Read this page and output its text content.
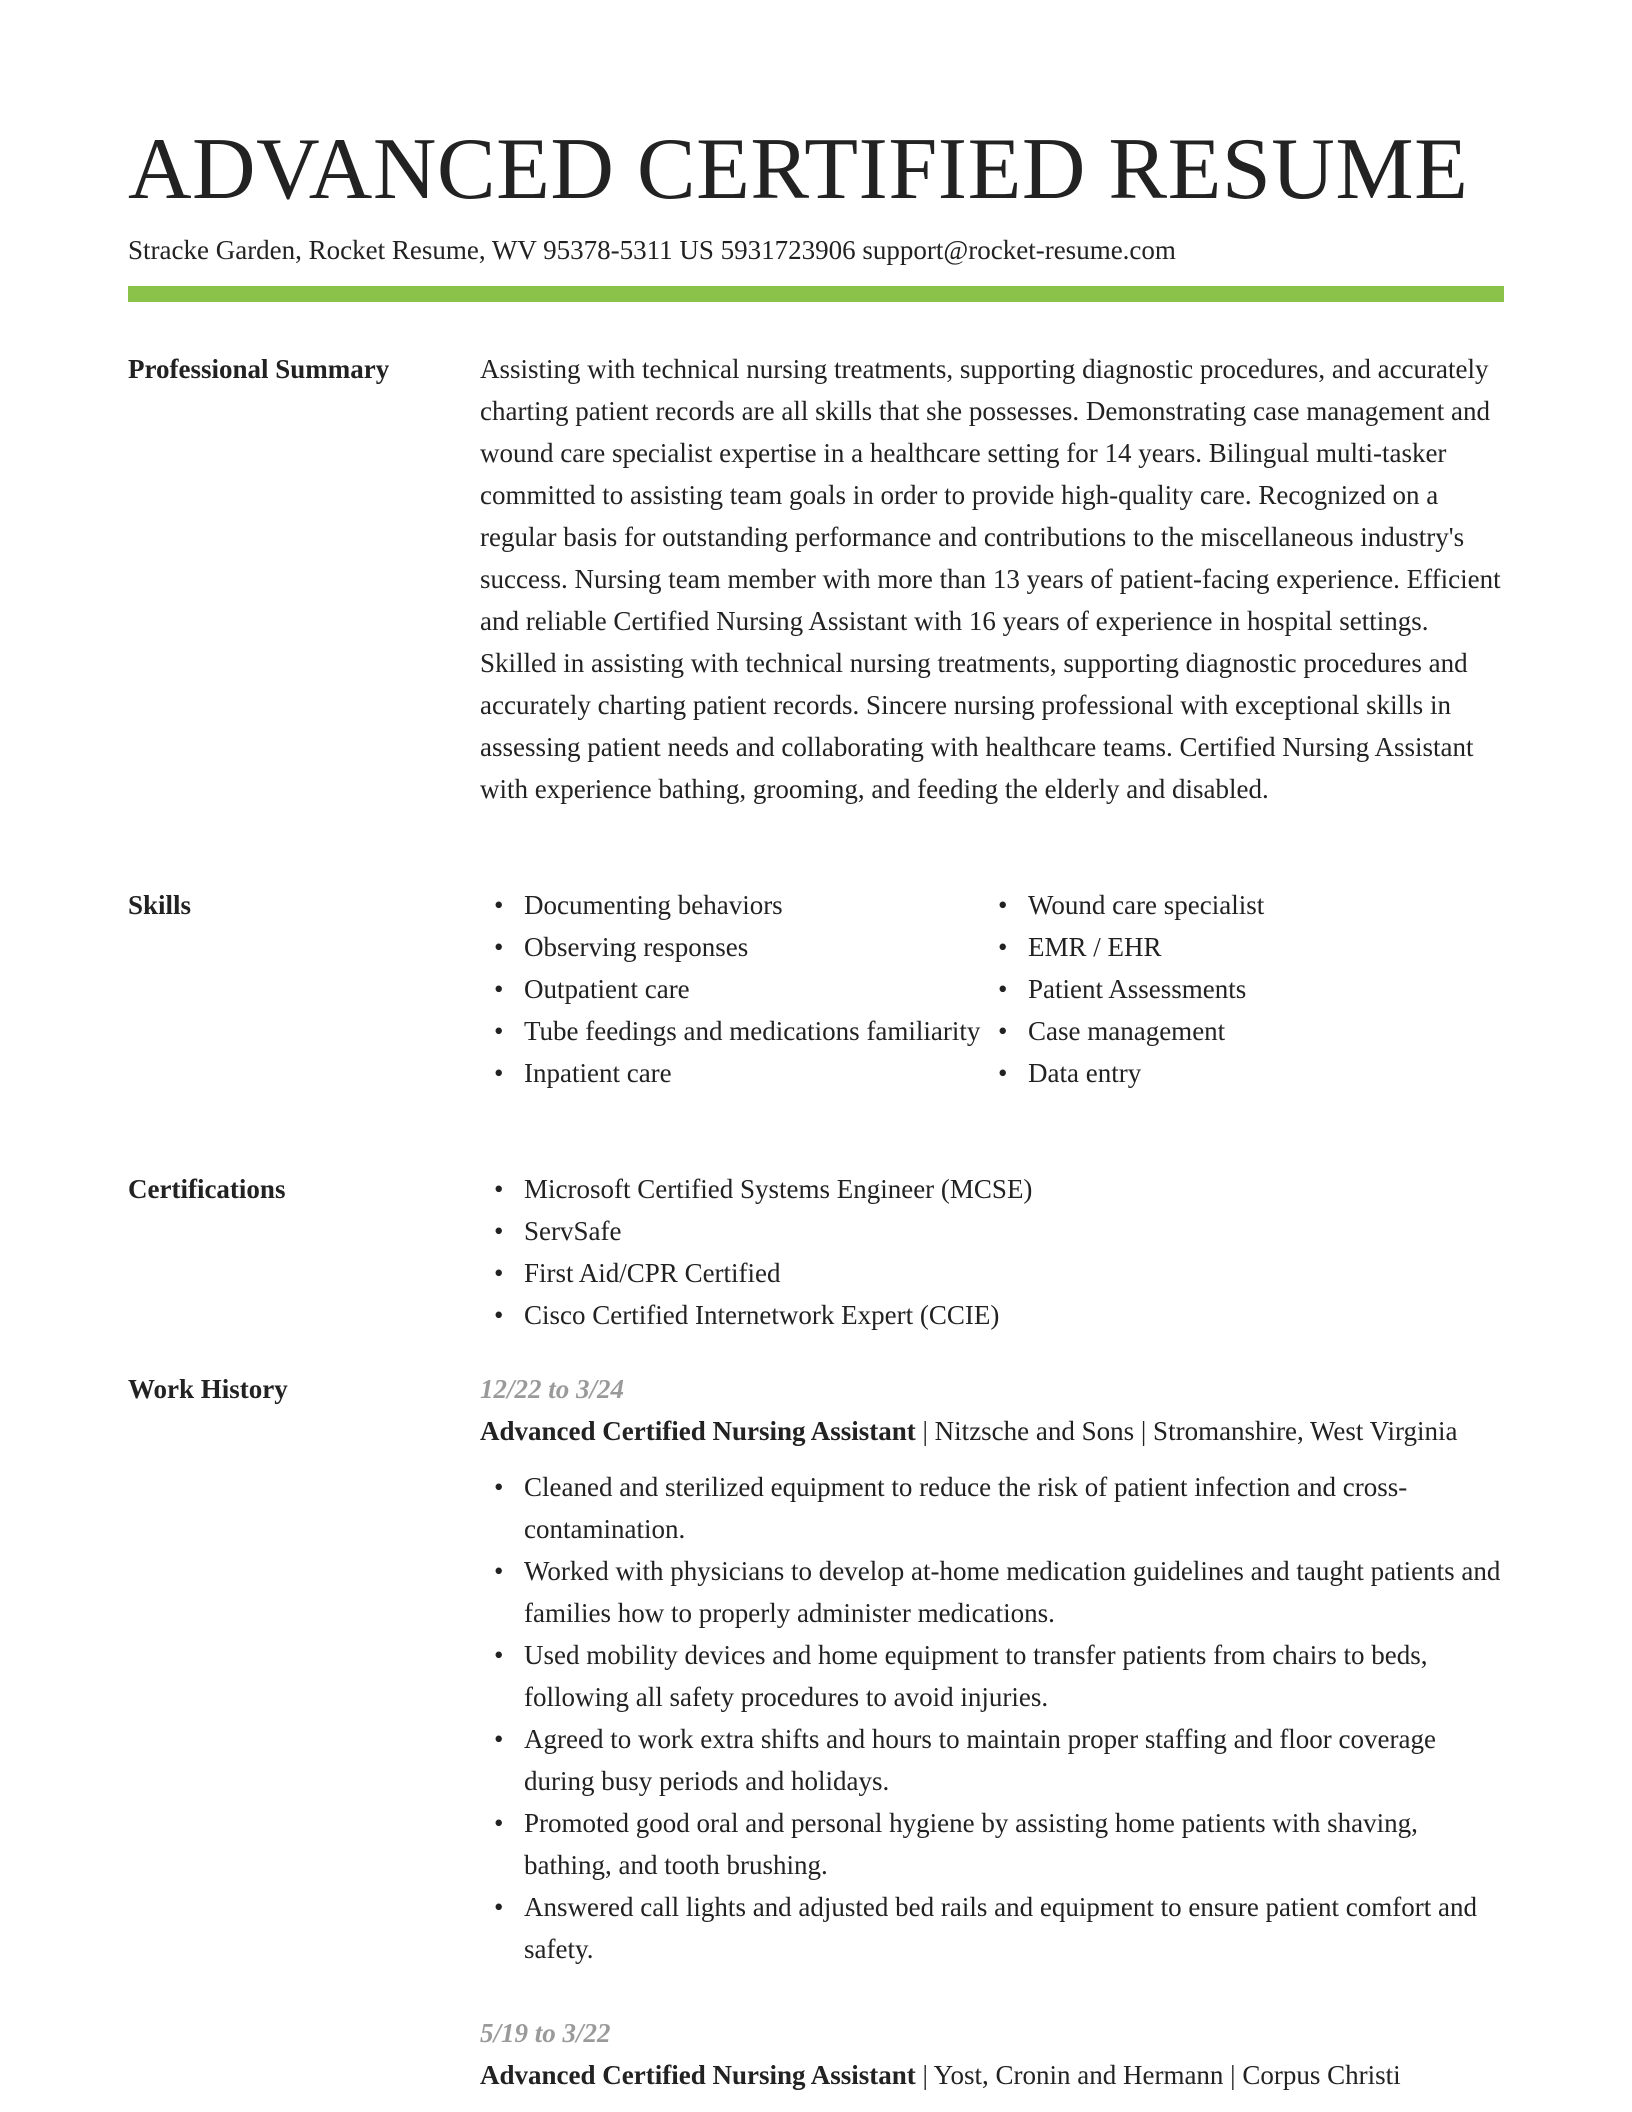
ADVANCED CERTIFIED RESUME
Stracke Garden, Rocket Resume, WV 95378-5311 US 5931723906 support@rocket-resume.com
Professional Summary	Assisting with technical nursing treatments, supporting diagnostic procedures, and accurately charting patient records are all skills that she possesses. Demonstrating case management and wound care specialist expertise in a healthcare setting for 14 years. Bilingual multi-tasker committed to assisting team goals in order to provide high-quality care. Recognized on a regular basis for outstanding performance and contributions to the miscellaneous industry's success. Nursing team member with more than 13 years of patient-facing experience. Efficient and reliable Certified Nursing Assistant with 16 years of experience in hospital settings. Skilled in assisting with technical nursing treatments, supporting diagnostic procedures and accurately charting patient records. Sincere nursing professional with exceptional skills in assessing patient needs and collaborating with healthcare teams. Certified Nursing Assistant with experience bathing, grooming, and feeding the elderly and disabled.

Skills	• Documenting behaviors
• Observing responses
• Outpatient care
• Tube feedings and medications familiarity
• Inpatient care
• Wound care specialist
• EMR / EHR
• Patient Assessments
• Case management
• Data entry
Certifications	• Microsoft Certified Systems Engineer (MCSE)
• ServSafe
• First Aid/CPR Certified
• Cisco Certified Internetwork Expert (CCIE)
Work History	12/22 to 3/24
Advanced Certified Nursing Assistant | Nitzsche and Sons | Stromanshire, West Virginia
• Cleaned and sterilized equipment to reduce the risk of patient infection and cross-contamination.
• Worked with physicians to develop at-home medication guidelines and taught patients and families how to properly administer medications.
• Used mobility devices and home equipment to transfer patients from chairs to beds, following all safety procedures to avoid injuries.
• Agreed to work extra shifts and hours to maintain proper staffing and floor coverage during busy periods and holidays.
• Promoted good oral and personal hygiene by assisting home patients with shaving, bathing, and tooth brushing.
• Answered call lights and adjusted bed rails and equipment to ensure patient comfort and safety.
5/19 to 3/22
Advanced Certified Nursing Assistant | Yost, Cronin and Hermann | Corpus Christi
